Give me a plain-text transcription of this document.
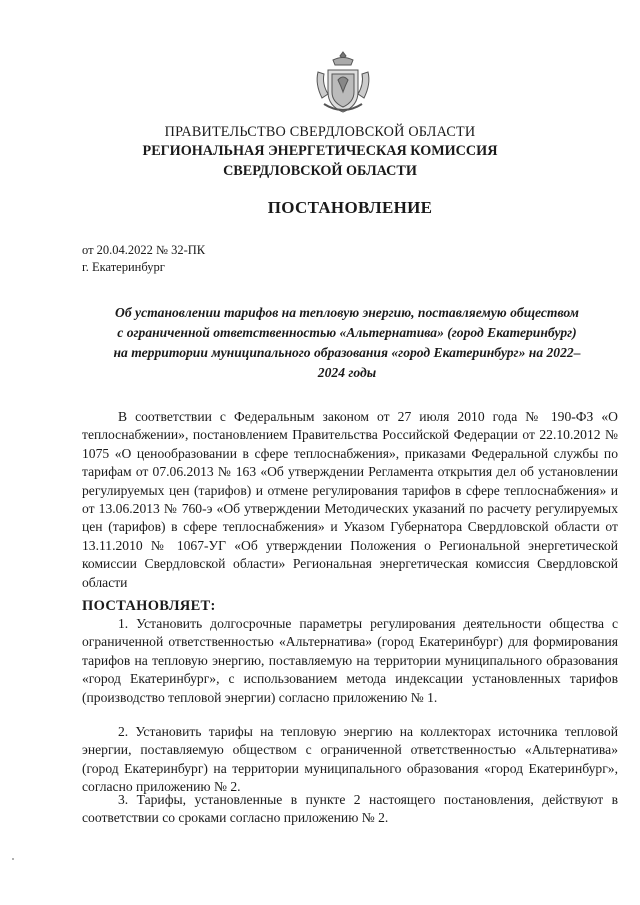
ПРАВИТЕЛЬСТВО СВЕРДЛОВСКОЙ ОБЛАСТИ
РЕГИОНАЛЬНАЯ ЭНЕРГЕТИЧЕСКАЯ КОМИССИЯ
СВЕРДЛОВСКОЙ ОБЛАСТИ
ПОСТАНОВЛЕНИЕ
от 20.04.2022 № 32-ПК
г. Екатеринбург
Об установлении тарифов на тепловую энергию, поставляемую обществом с ограниченной ответственностью «Альтернатива» (город Екатеринбург) на территории муниципального образования «город Екатеринбург» на 2022–2024 годы
В соответствии с Федеральным законом от 27 июля 2010 года № 190-ФЗ «О теплоснабжении», постановлением Правительства Российской Федерации от 22.10.2012 № 1075 «О ценообразовании в сфере теплоснабжения», приказами Федеральной службы по тарифам от 07.06.2013 № 163 «Об утверждении Регламента открытия дел об установлении регулируемых цен (тарифов) и отмене регулирования тарифов в сфере теплоснабжения» и от 13.06.2013 № 760-э «Об утверждении Методических указаний по расчету регулируемых цен (тарифов) в сфере теплоснабжения» и Указом Губернатора Свердловской области от 13.11.2010 № 1067-УГ «Об утверждении Положения о Региональной энергетической комиссии Свердловской области» Региональная энергетическая комиссия Свердловской области
ПОСТАНОВЛЯЕТ:
1. Установить долгосрочные параметры регулирования деятельности общества с ограниченной ответственностью «Альтернатива» (город Екатеринбург) для формирования тарифов на тепловую энергию, поставляемую на территории муниципального образования «город Екатеринбург», с использованием метода индексации установленных тарифов (производство тепловой энергии) согласно приложению № 1.
2. Установить тарифы на тепловую энергию на коллекторах источника тепловой энергии, поставляемую обществом с ограниченной ответственностью «Альтернатива» (город Екатеринбург) на территории муниципального образования «город Екатеринбург», согласно приложению № 2.
3. Тарифы, установленные в пункте 2 настоящего постановления, действуют в соответствии со сроками согласно приложению № 2.
